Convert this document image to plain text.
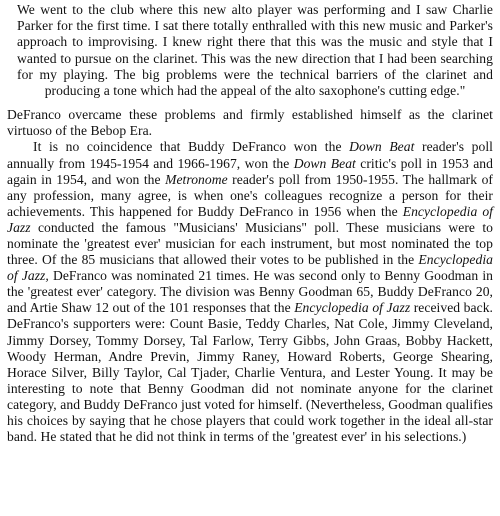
We went to the club where this new alto player was performing and I saw Charlie Parker for the first time. I sat there totally enthralled with this new music and Parker's approach to improvising. I knew right there that this was the music and style that I wanted to pursue on the clarinet. This was the new direction that I had been searching for my playing. The big problems were the technical barriers of the clarinet and producing a tone which had the appeal of the alto saxophone's cutting edge."

DeFranco overcame these problems and firmly established himself as the clarinet virtuoso of the Bebop Era.

It is no coincidence that Buddy DeFranco won the Down Beat reader's poll annually from 1945-1954 and 1966-1967, won the Down Beat critic's poll in 1953 and again in 1954, and won the Metronome reader's poll from 1950-1955. The hallmark of any profession, many agree, is when one's colleagues recognize a person for their achievements. This happened for Buddy DeFranco in 1956 when the Encyclopedia of Jazz conducted the famous "Musicians' Musicians" poll. These musicians were to nominate the 'greatest ever' musician for each instrument, but most nominated the top three. Of the 85 musicians that allowed their votes to be published in the Encyclopedia of Jazz, DeFranco was nominated 21 times. He was second only to Benny Goodman in the 'greatest ever' category. The division was Benny Goodman 65, Buddy DeFranco 20, and Artie Shaw 12 out of the 101 responses that the Encyclopedia of Jazz received back. DeFranco's supporters were: Count Basie, Teddy Charles, Nat Cole, Jimmy Cleveland, Jimmy Dorsey, Tommy Dorsey, Tal Farlow, Terry Gibbs, John Graas, Bobby Hackett, Woody Herman, Andre Previn, Jimmy Raney, Howard Roberts, George Shearing, Horace Silver, Billy Taylor, Cal Tjader, Charlie Ventura, and Lester Young. It may be interesting to note that Benny Goodman did not nominate anyone for the clarinet category, and Buddy DeFranco just voted for himself. (Nevertheless, Goodman qualifies his choices by saying that he chose players that could work together in the ideal all-star band. He stated that he did not think in terms of the 'greatest ever' in his selections.)
